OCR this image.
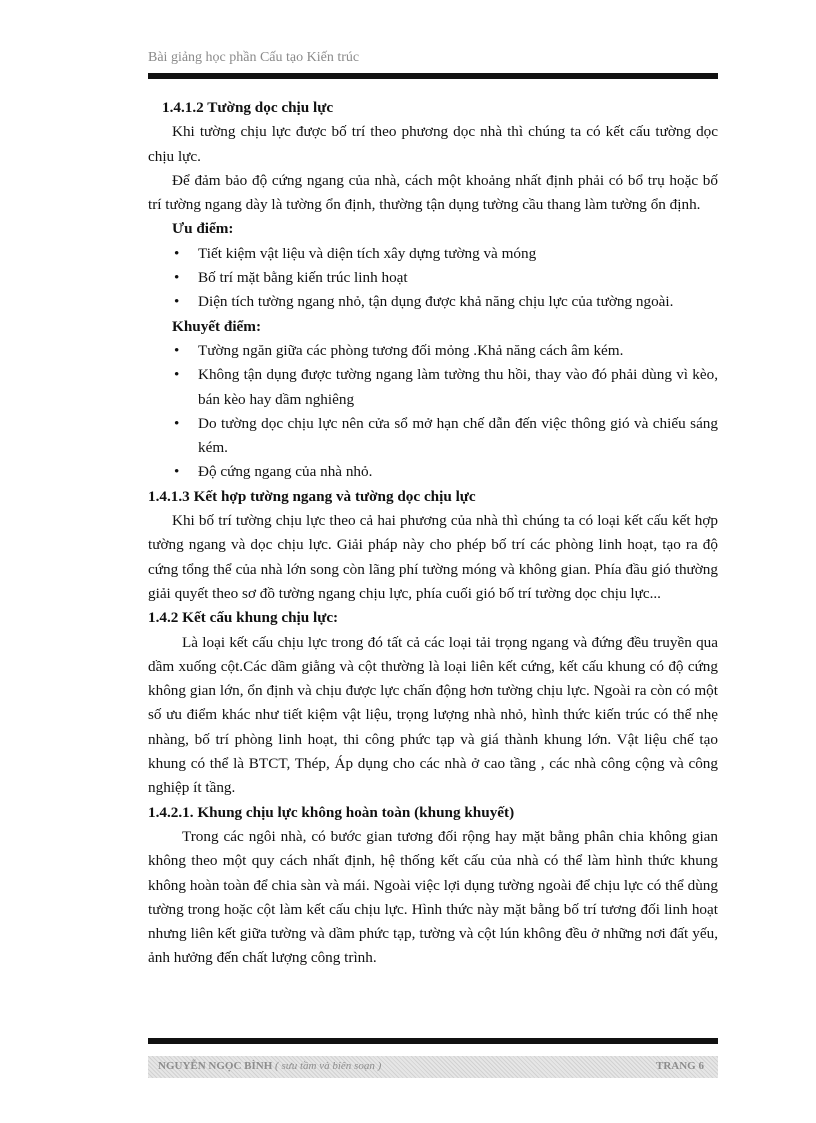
Bài giảng học phần Cấu tạo Kiến trúc

1.4.1.2 Tường dọc chịu lực

Khi tường chịu lực được bố trí theo phương dọc nhà thì chúng ta có kết cấu tường dọc chịu lực.

Để đảm bảo độ cứng ngang của nhà, cách một khoảng nhất định phải có bổ trụ hoặc bố trí tường ngang dày là tường ổn định, thường tận dụng tường cầu thang làm tường ổn định.

Ưu điểm:

• Tiết kiệm vật liệu và diện tích xây dựng tường và móng
• Bố trí mặt bằng kiến trúc linh hoạt
• Diện tích tường ngang nhỏ, tận dụng được khả năng chịu lực của tường ngoài.

Khuyết điểm:

• Tường ngăn giữa các phòng tương đối mỏng .Khả năng cách âm kém.
• Không tận dụng được tường ngang làm tường thu hồi, thay vào đó phải dùng vì kèo, bán kèo hay dầm nghiêng
• Do tường dọc chịu lực nên cửa sổ mở hạn chế dẫn đến việc thông gió và chiếu sáng kém.
• Độ cứng ngang của nhà nhỏ.

1.4.1.3 Kết hợp tường ngang và tường dọc chịu lực

Khi bố trí tường chịu lực theo cả hai phương của nhà thì chúng ta có loại kết cấu kết hợp tường ngang và dọc chịu lực. Giải pháp này cho phép bố trí các phòng linh hoạt, tạo ra độ cứng tổng thể của nhà lớn song còn lãng phí tường móng và không gian. Phía đầu gió thường giải quyết theo sơ đồ tường ngang chịu lực, phía cuối gió bố trí tường dọc chịu lực...

1.4.2 Kết cấu khung chịu lực:

Là loại kết cấu chịu lực trong đó tất cả các loại tải trọng ngang và đứng đều truyền qua dầm xuống cột.Các dầm giằng và cột thường là loại liên kết cứng, kết cấu khung có độ cứng không gian lớn, ổn định và chịu được lực chấn động hơn tường chịu lực. Ngoài ra còn có một số ưu điểm khác như tiết kiệm vật liệu, trọng lượng nhà nhỏ, hình thức kiến trúc có thể nhẹ nhàng, bố trí phòng linh hoạt, thi công phức tạp và giá thành khung lớn. Vật liệu chế tạo khung có thể là BTCT, Thép, Áp dụng cho các nhà ở cao tầng , các nhà công cộng và công nghiệp ít tầng.

1.4.2.1. Khung chịu lực không hoàn toàn (khung khuyết)

Trong các ngôi nhà, có bước gian tương đối rộng hay mặt bằng phân chia không gian không theo một quy cách nhất định, hệ thống kết cấu của nhà có thể làm hình thức khung không hoàn toàn để chia sàn và mái. Ngoài việc lợi dụng tường ngoài để chịu lực có thể dùng tường trong hoặc cột làm kết cấu chịu lực. Hình thức này mặt bằng bố trí tương đối linh hoạt nhưng liên kết giữa tường và dầm phức tạp, tường và cột lún không đều ở những nơi đất yếu, ảnh hưởng đến chất lượng công trình.

NGUYỄN NGỌC BÌNH ( sưu tầm và biên soạn )	TRANG 6
